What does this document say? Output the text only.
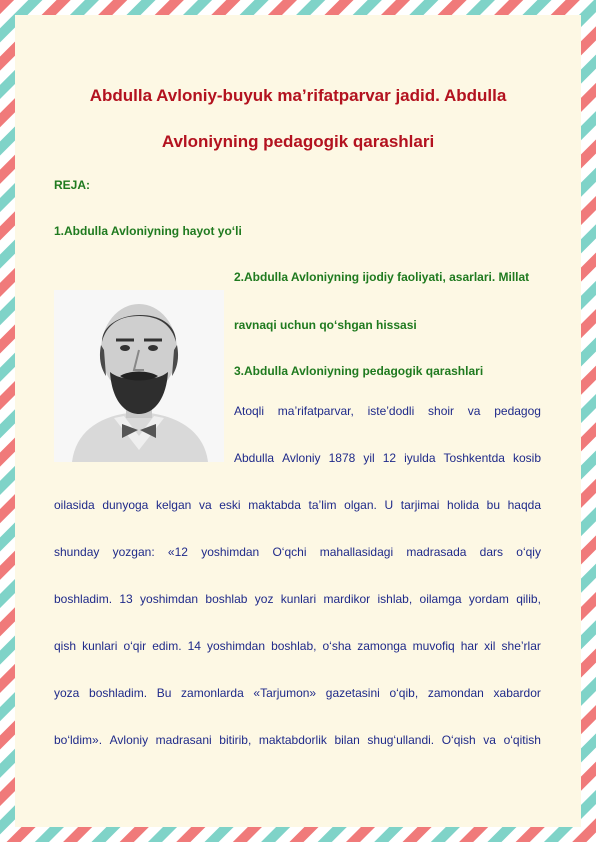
Abdulla Avloniy-buyuk ma’rifatparvar jadid. Abdulla
Avloniyning pedagogik qarashlari
REJA:
1.Abdulla Avloniyning hayot yo‘li
2.Abdulla Avloniyning ijodiy faoliyati, asarlari. Millat
ravnaqi uchun qo‘shgan hissasi
3.Abdulla Avloniyning pedagogik qarashlari
Atoqli ma’rifatparvar, iste’dodli shoir va pedagog
Abdulla Avloniy 1878 yil 12 iyulda Toshkentda kosib
oilasida dunyoga kelgan va eski maktabda ta’lim olgan. U tarjimai holida bu haqda
shunday yozgan: «12 yoshimdan O‘qchi mahallasidagi madrasada dars o‘qiy
boshladim. 13 yoshimdan boshlab yoz kunlari mardikor ishlab, oilamga yordam qilib,
qish kunlari o‘qir edim. 14 yoshimdan boshlab, o‘sha zamonga muvofiq har xil she’rlar
yoza boshladim. Bu zamonlarda «Tarjumon» gazetasini o‘qib, zamondan xabardor
bo‘ldim». Avloniy madrasani bitirib, maktabdorlik bilan shug‘ullandi. O‘qish va o‘qitish
